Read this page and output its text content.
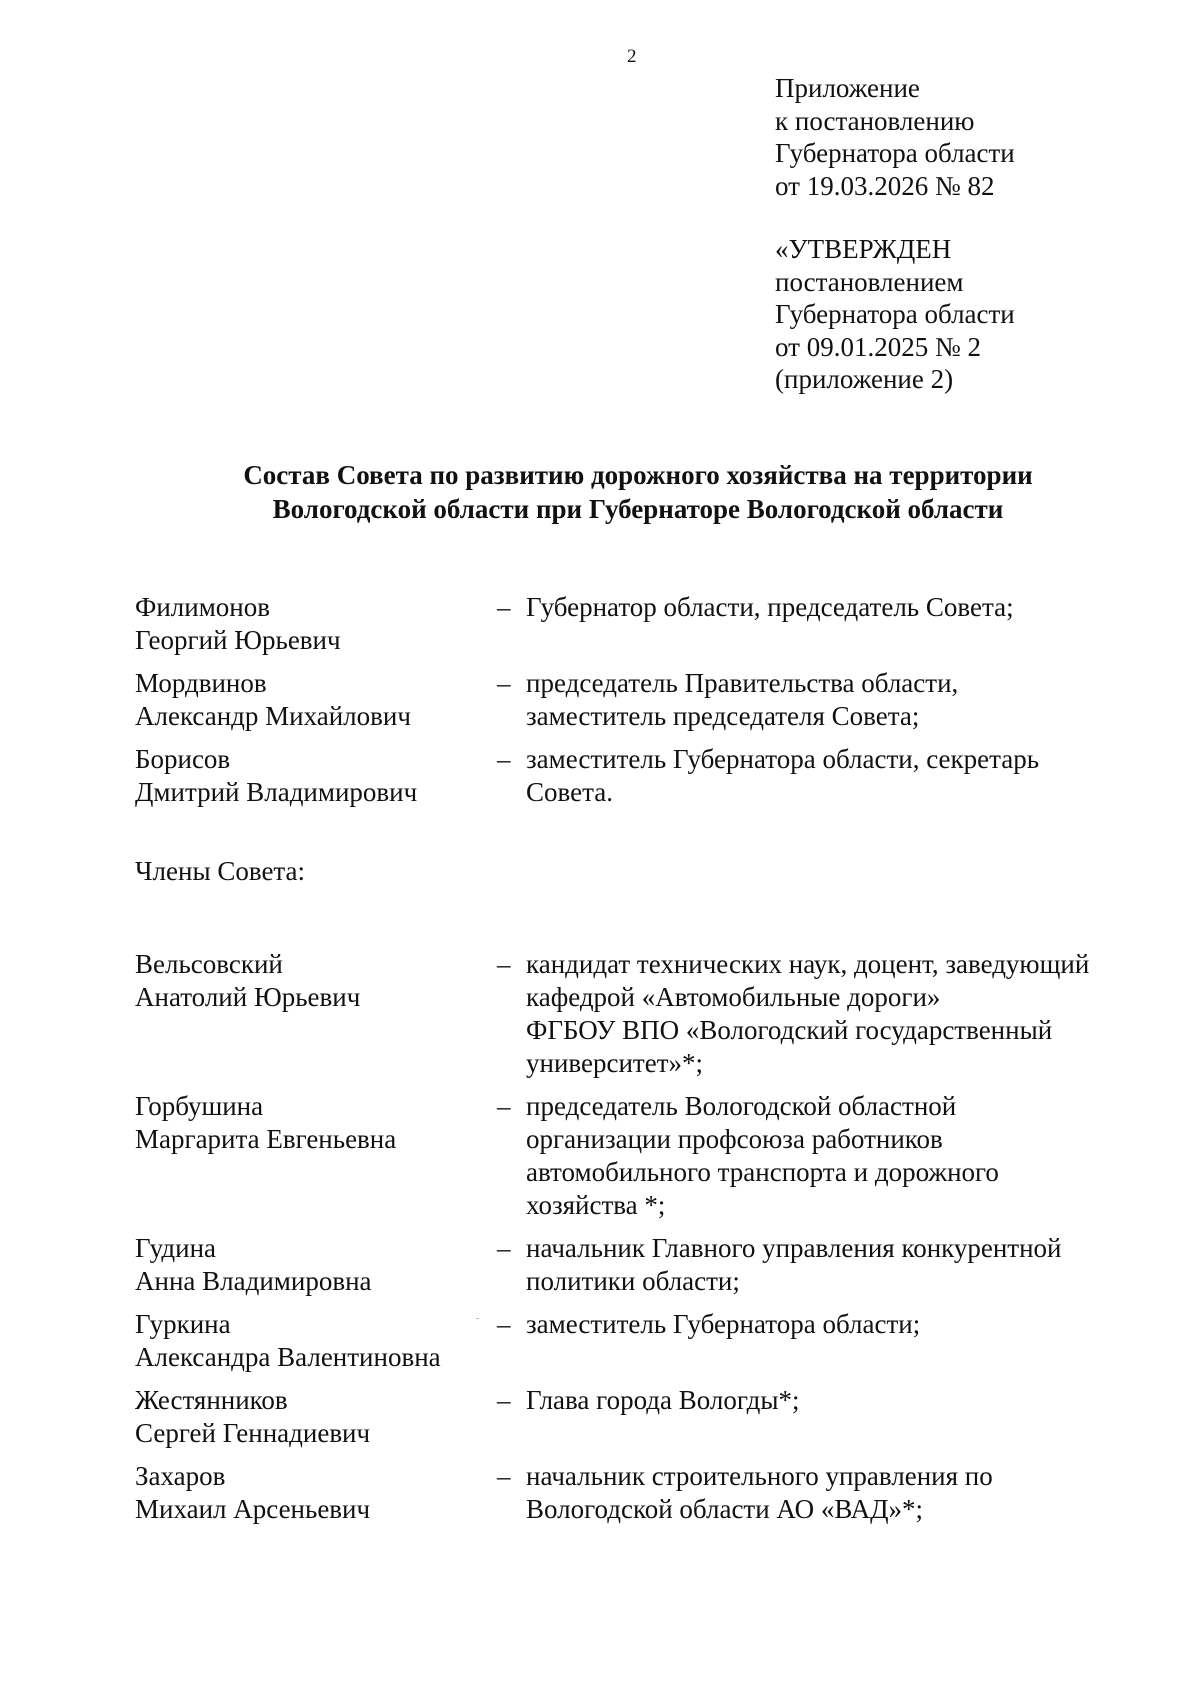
2
Приложение
к постановлению
Губернатора области
от 19.03.2026 № 82
«УТВЕРЖДЕН
постановлением
Губернатора области
от 09.01.2025 № 2
(приложение 2)
Состав Совета по развитию дорожного хозяйства на территории
Вологодской области при Губернаторе Вологодской области
Филимонов
Георгий Юрьевич
– Губернатор области, председатель Совета;
Мордвинов
Александр Михайлович
– председатель Правительства области,
заместитель председателя Совета;
Борисов
Дмитрий Владимирович
– заместитель Губернатора области, секретарь
Совета.
Члены Совета:
Вельсовский
Анатолий Юрьевич
– кандидат технических наук, доцент, заведующий
кафедрой «Автомобильные дороги»
ФГБОУ ВПО «Вологодский государственный
университет»*;
Горбушина
Маргарита Евгеньевна
– председатель Вологодской областной
организации профсоюза работников
автомобильного транспорта и дорожного
хозяйства *;
Гудина
Анна Владимировна
– начальник Главного управления конкурентной
политики области;
Гуркина
Александра Валентиновна
– заместитель Губернатора области;
Жестянников
Сергей Геннадиевич
– Глава города Вологды*;
Захаров
Михаил Арсеньевич
– начальник строительного управления по
Вологодской области АО «ВАД»*;
